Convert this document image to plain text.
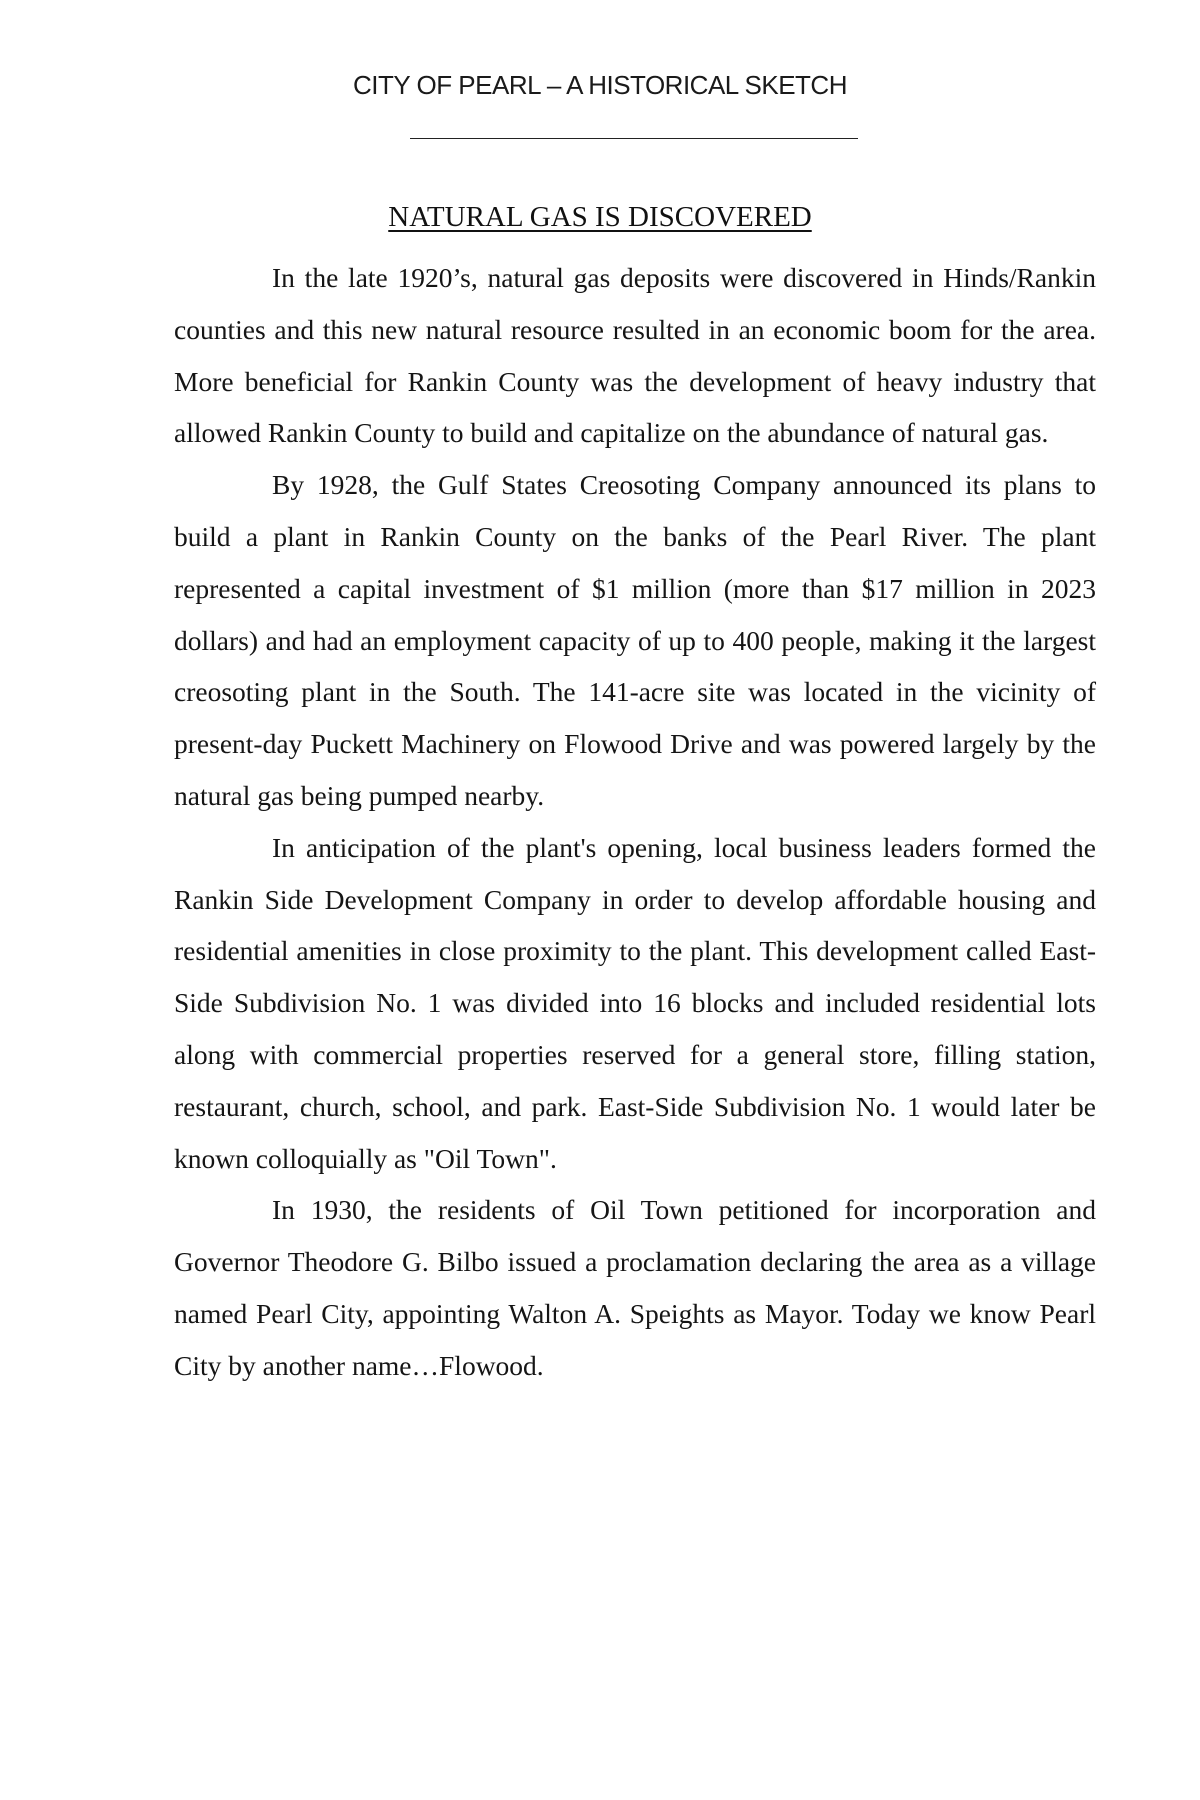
CITY OF PEARL – A HISTORICAL SKETCH
NATURAL GAS IS DISCOVERED

In the late 1920’s, natural gas deposits were discovered in Hinds/Rankin counties and this new natural resource resulted in an economic boom for the area. More beneficial for Rankin County was the development of heavy industry that allowed Rankin County to build and capitalize on the abundance of natural gas.

By 1928, the Gulf States Creosoting Company announced its plans to build a plant in Rankin County on the banks of the Pearl River. The plant represented a capital investment of $1 million (more than $17 million in 2023 dollars) and had an employment capacity of up to 400 people, making it the largest creosoting plant in the South. The 141-acre site was located in the vicinity of present-day Puckett Machinery on Flowood Drive and was powered largely by the natural gas being pumped nearby.

In anticipation of the plant's opening, local business leaders formed the Rankin Side Development Company in order to develop affordable housing and residential amenities in close proximity to the plant. This development called East-Side Subdivision No. 1 was divided into 16 blocks and included residential lots along with commercial properties reserved for a general store, filling station, restaurant, church, school, and park. East-Side Subdivision No. 1 would later be known colloquially as "Oil Town".

In 1930, the residents of Oil Town petitioned for incorporation and Governor Theodore G. Bilbo issued a proclamation declaring the area as a village named Pearl City, appointing Walton A. Speights as Mayor. Today we know Pearl City by another name…Flowood.
